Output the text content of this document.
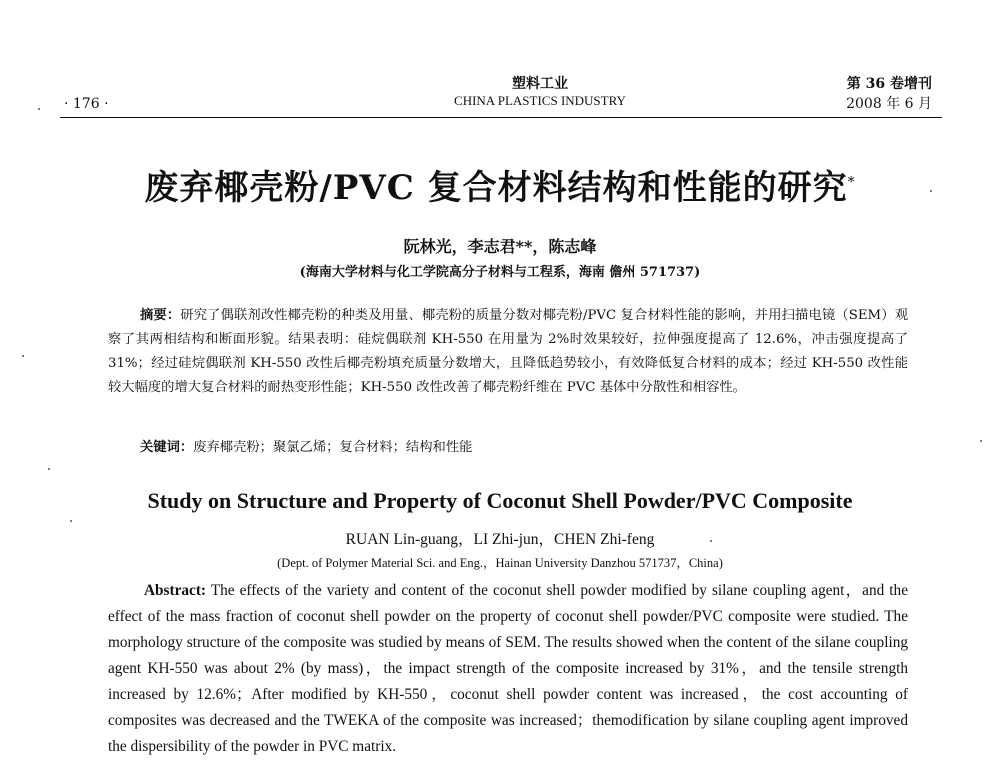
· 176 ·
塑料工业
CHINA PLASTICS INDUSTRY
第 36 卷增刊
2008 年 6 月
废弃椰壳粉/PVC 复合材料结构和性能的研究*
阮林光，李志君**，陈志峰
(海南大学材料与化工学院高分子材料与工程系，海南 儋州 571737)
摘要：研究了偶联剂改性椰壳粉的种类及用量、椰壳粉的质量分数对椰壳粉/PVC 复合材料性能的影响，并用扫描电镜（SEM）观察了其两相结构和断面形貌。结果表明：硅烷偶联剂 KH-550 在用量为 2%时效果较好，拉伸强度提高了 12.6%，冲击强度提高了 31%；经过硅烷偶联剂 KH-550 改性后椰壳粉填充质量分数增大，且降低趋势较小，有效降低复合材料的成本；经过 KH-550 改性能较大幅度的增大复合材料的耐热变形性能；KH-550 改性改善了椰壳粉纤维在 PVC 基体中分散性和相容性。
关键词：废弃椰壳粉；聚氯乙烯；复合材料；结构和性能
Study on Structure and Property of Coconut Shell Powder/PVC Composite
RUAN Lin-guang，LI Zhi-jun，CHEN Zhi-feng
(Dept. of Polymer Material Sci. and Eng.，Hainan University Danzhou 571737，China)
Abstract: The effects of the variety and content of the coconut shell powder modified by silane coupling agent，and the effect of the mass fraction of coconut shell powder on the property of coconut shell powder/PVC composite were studied. The morphology structure of the composite was studied by means of SEM. The results showed when the content of the silane coupling agent KH-550 was about 2% (by mass)，the impact strength of the composite increased by 31%，and the tensile strength increased by 12.6%；After modified by KH-550，coconut shell powder content was increased，the cost accounting of composites was decreased and the TWEKA of the composite was increased；themodification by silane coupling agent improved the dispersibility of the powder in PVC matrix.
